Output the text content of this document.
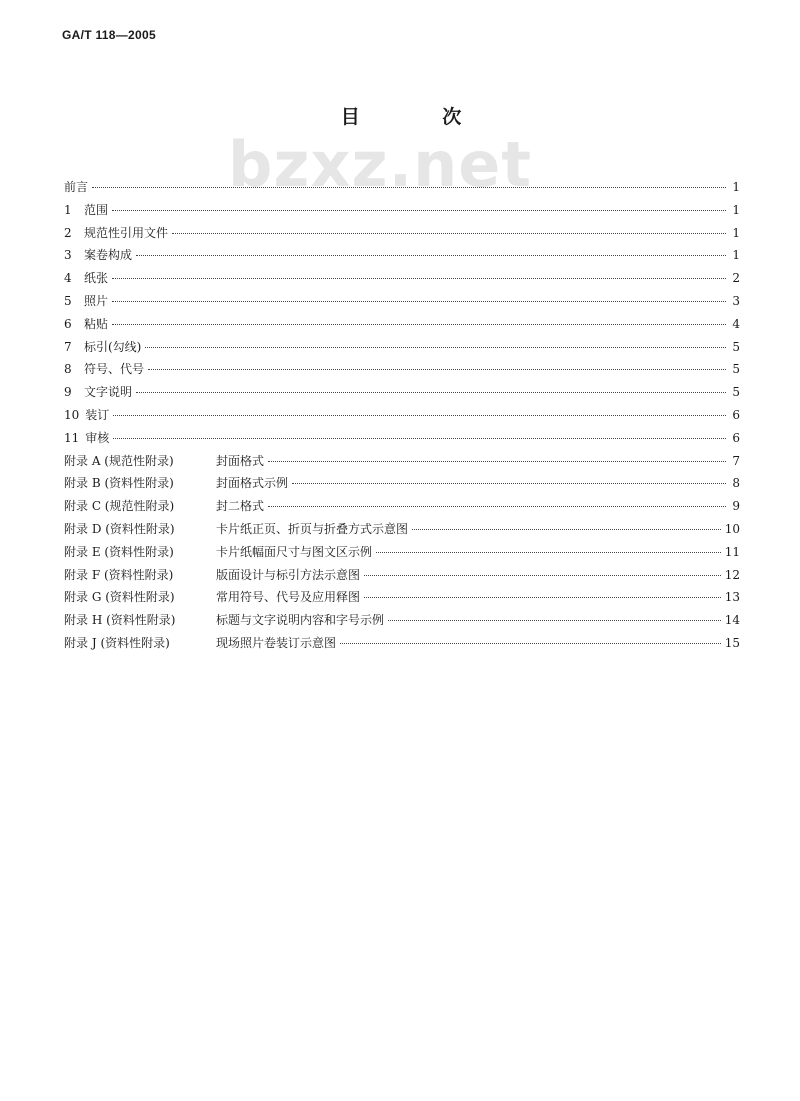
GA/T 118—2005
bzxz.net
目 次
前言	1
1	范围	1
2	规范性引用文件	1
3	案卷构成	1
4	纸张	2
5	照片	3
6	粘贴	4
7	标引(勾线)	5
8	符号、代号	5
9	文字说明	5
10 装订	6
11 审核	6
附录 A (规范性附录)	封面格式	7
附录 B (资料性附录)	封面格式示例	8
附录 C (规范性附录)	封二格式	9
附录 D (资料性附录)	卡片纸正页、折页与折叠方式示意图	10
附录 E (资料性附录)	卡片纸幅面尺寸与图文区示例	11
附录 F (资料性附录)	版面设计与标引方法示意图	12
附录 G (资料性附录)	常用符号、代号及应用释图	13
附录 H (资料性附录)	标题与文字说明内容和字号示例	14
附录 J (资料性附录)	现场照片卷装订示意图	15
